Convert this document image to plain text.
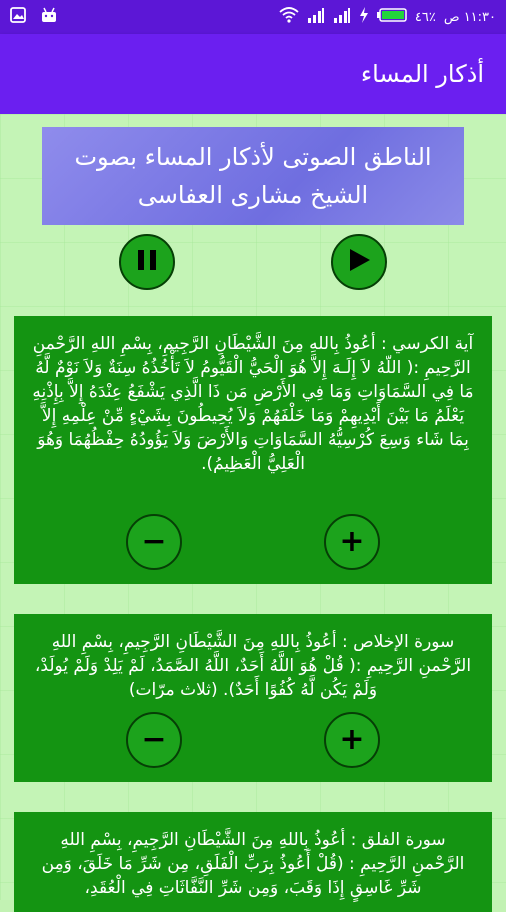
٤٦٪ ١١:٣٠ ص
أذكار المساء
الناطق الصوتى لأذكار المساء بصوت الشيخ مشارى العفاسى
آية الكرسي : أعُوذُ بِاللهِ مِنَ الشَّيْطَانِ الرَّجِيمِ، بِسْمِ اللهِ الرَّحْمنِ الرَّحِيمِ :( اللّهُ لاَ إِلَـهَ إِلاَّ هُوَ الْحَيُّ الْقَيُّومُ لاَ تَأْخُذُهُ سِنَةٌ وَلاَ نَوْمٌ لَّهُ مَا فِي السَّمَاوَاتِ وَمَا فِي الأَرْضِ مَن ذَا الَّذِي يَشْفَعُ عِنْدَهُ إِلاَّ بِإِذْنِهِ يَعْلَمُ مَا بَيْنَ أَيْدِيهِمْ وَمَا خَلْفَهُمْ وَلاَ يُحِيطُونَ بِشَيْءٍ مِّنْ عِلْمِهِ إِلاَّ بِمَا شَاء وَسِعَ كُرْسِيُّهُ السَّمَاوَاتِ وَالأَرْضَ وَلاَ يَؤُودُهُ حِفْظُهُمَا وَهُوَ الْعَلِيُّ الْعَظِيمُ).
−	+
سورة الإخلاص : أعُوذُ بِاللهِ مِنَ الشَّيْطَانِ الرَّجِيمِ، بِسْمِ اللهِ الرَّحْمنِ الرَّحِيمِ :( قُلْ هُوَ اللَّهُ أَحَدٌ، اللَّهُ الصَّمَدُ، لَمْ يَلِدْ وَلَمْ يُولَدْ، وَلَمْ يَكُن لَّهُ كُفُوًا أَحَدٌ). (ثلاث مرّات)
−	+
سورة الفلق : أعُوذُ بِاللهِ مِنَ الشَّيْطَانِ الرَّجِيمِ، بِسْمِ اللهِ الرَّحْمنِ الرَّحِيمِ : (قُلْ أَعُوذُ بِرَبِّ الْفَلَقِ، مِن شَرِّ مَا خَلَقَ، وَمِن شَرِّ غَاسِقٍ إِذَا وَقَبَ، وَمِن شَرِّ النَّفَّاثَاتِ فِي الْعُقَدِ،
